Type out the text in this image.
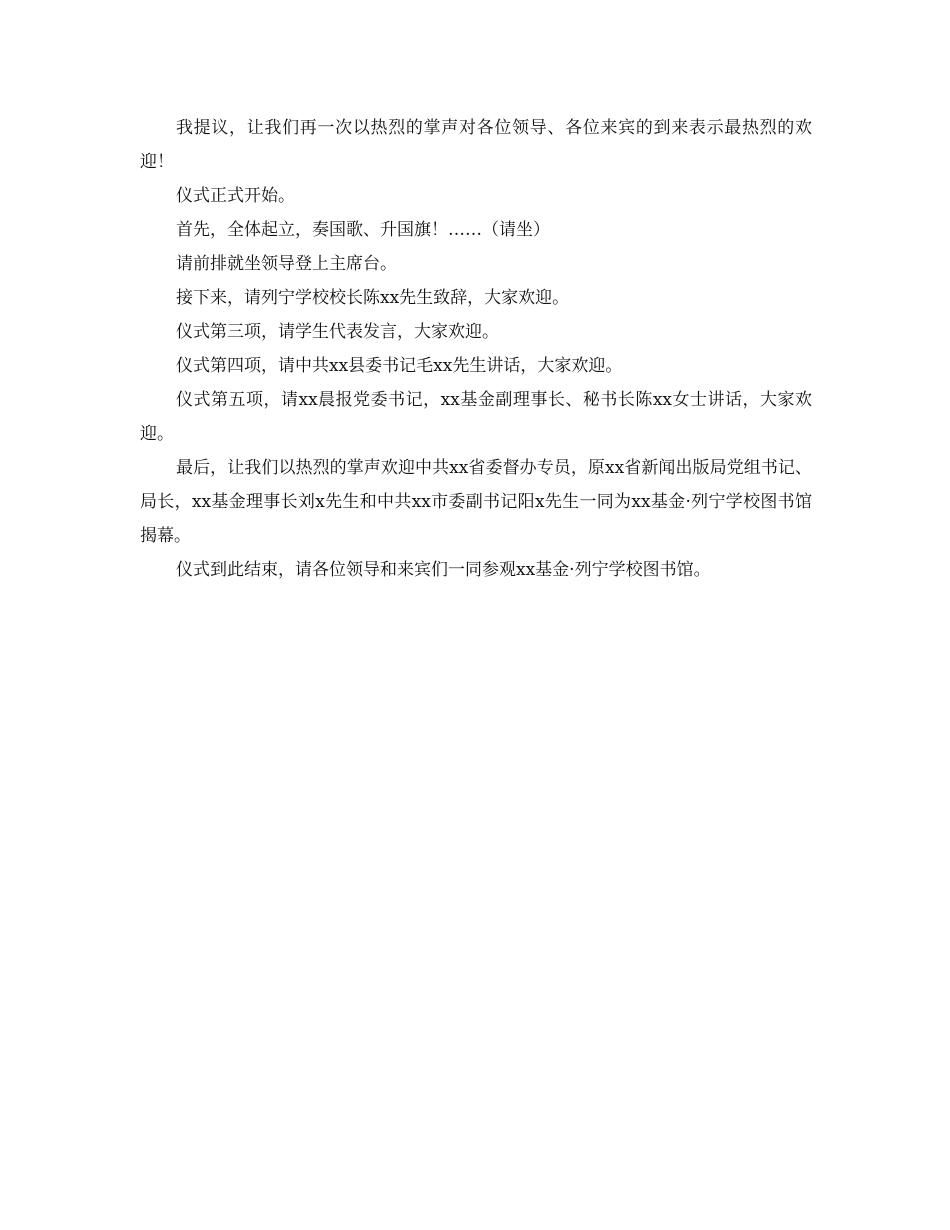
我提议，让我们再一次以热烈的掌声对各位领导、各位来宾的到来表示最热烈的欢迎！

仪式正式开始。

首先，全体起立，奏国歌、升国旗！……（请坐）

请前排就坐领导登上主席台。

接下来，请列宁学校校长陈xx先生致辞，大家欢迎。

仪式第三项，请学生代表发言，大家欢迎。

仪式第四项，请中共xx县委书记毛xx先生讲话，大家欢迎。

仪式第五项，请xx晨报党委书记，xx基金副理事长、秘书长陈xx女士讲话，大家欢迎。

最后，让我们以热烈的掌声欢迎中共xx省委督办专员，原xx省新闻出版局党组书记、局长，xx基金理事长刘x先生和中共xx市委副书记阳x先生一同为xx基金·列宁学校图书馆揭幕。

仪式到此结束，请各位领导和来宾们一同参观xx基金·列宁学校图书馆。
